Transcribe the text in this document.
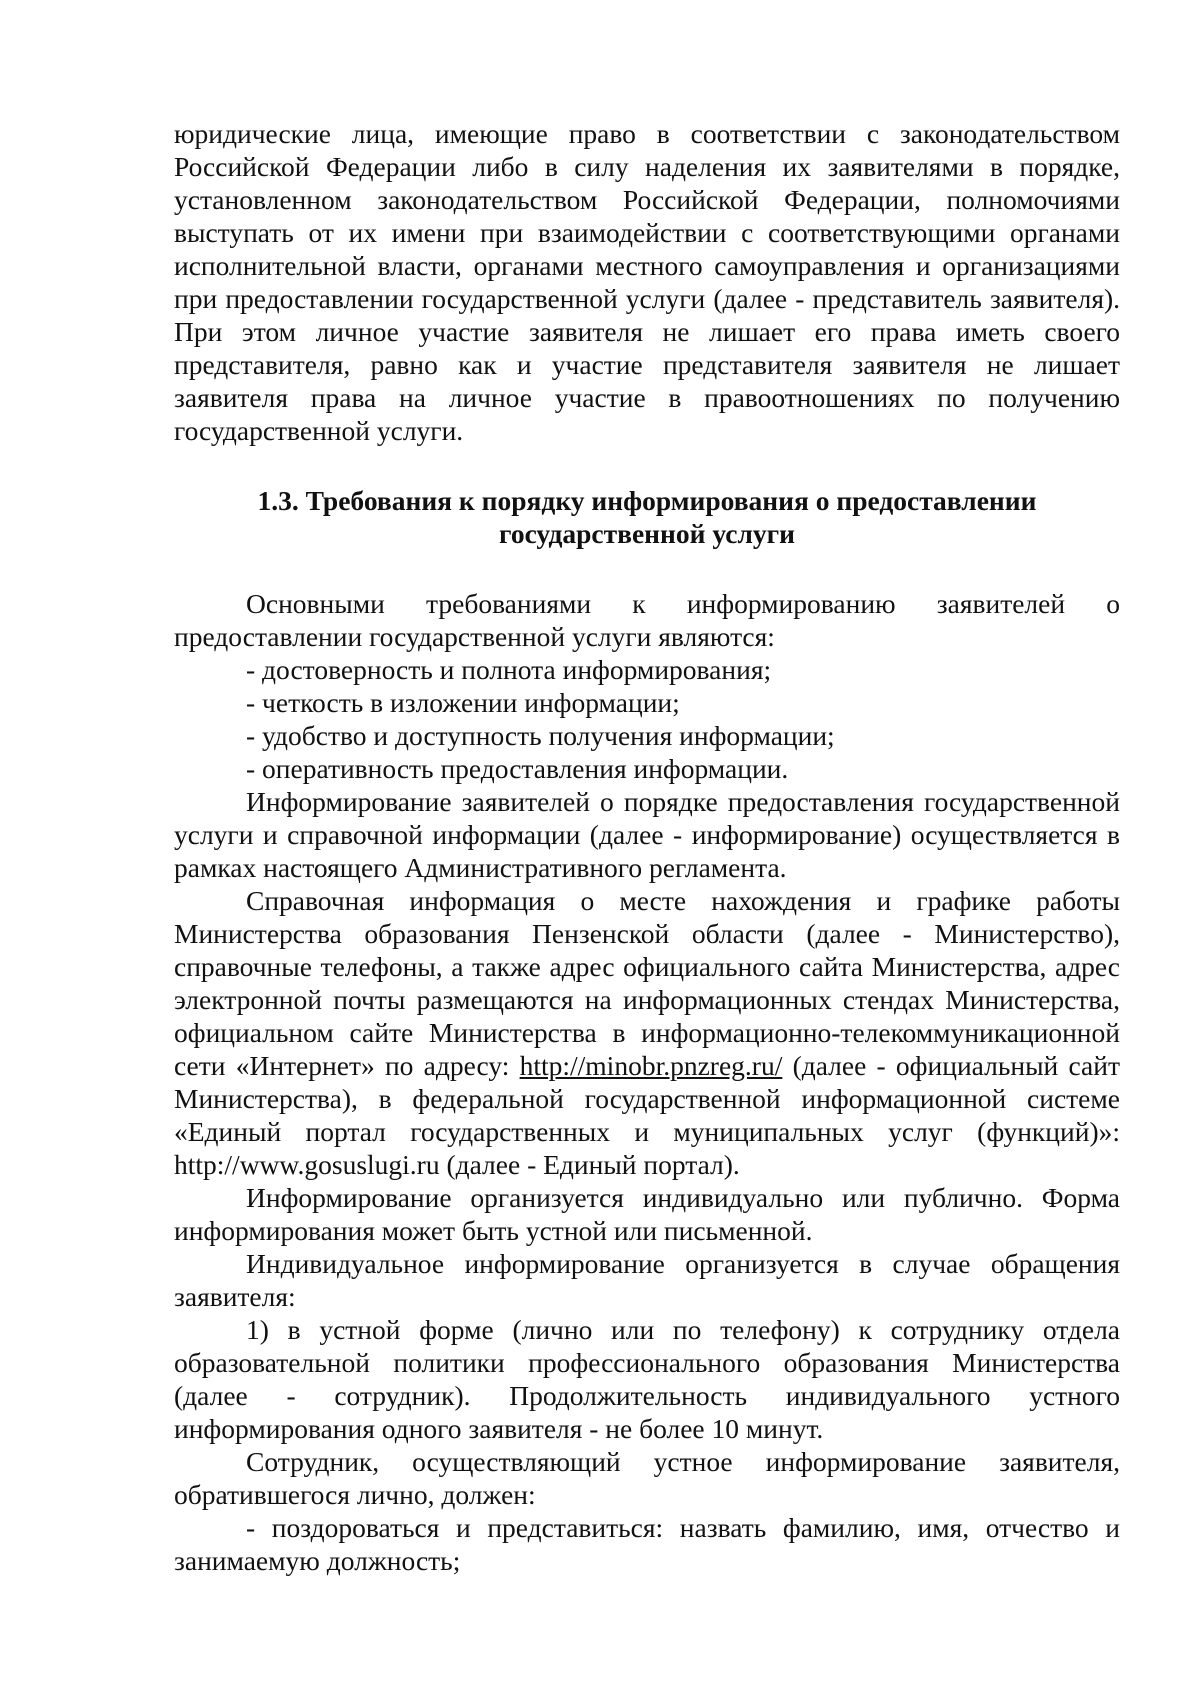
юридические лица, имеющие право в соответствии с законодательством Российской Федерации либо в силу наделения их заявителями в порядке, установленном законодательством Российской Федерации, полномочиями выступать от их имени при взаимодействии с соответствующими органами исполнительной власти, органами местного самоуправления и организациями при предоставлении государственной услуги (далее - представитель заявителя). При этом личное участие заявителя не лишает его права иметь своего представителя, равно как и участие представителя заявителя не лишает заявителя права на личное участие в правоотношениях по получению государственной услуги.

1.3. Требования к порядку информирования о предоставлении
государственной услуги

Основными требованиями к информированию заявителей о предоставлении государственной услуги являются:

- достоверность и полнота информирования;

- четкость в изложении информации;

- удобство и доступность получения информации;

- оперативность предоставления информации.

Информирование заявителей о порядке предоставления государственной услуги и справочной информации (далее - информирование) осуществляется в рамках настоящего Административного регламента.

Справочная информация о месте нахождения и графике работы Министерства образования Пензенской области (далее - Министерство), справочные телефоны, а также адрес официального сайта Министерства, адрес электронной почты размещаются на информационных стендах Министерства, официальном сайте Министерства в информационно-телекоммуникационной сети «Интернет» по адресу: http://minobr.pnzreg.ru/ (далее - официальный сайт Министерства), в федеральной государственной информационной системе «Единый портал государственных и муниципальных услуг (функций)»: http://www.gosuslugi.ru (далее - Единый портал).

Информирование организуется индивидуально или публично. Форма информирования может быть устной или письменной.

Индивидуальное информирование организуется в случае обращения заявителя:

1) в устной форме (лично или по телефону) к сотруднику отдела образовательной политики профессионального образования Министерства (далее - сотрудник). Продолжительность индивидуального устного информирования одного заявителя - не более 10 минут.

Сотрудник, осуществляющий устное информирование заявителя, обратившегося лично, должен:

- поздороваться и представиться: назвать фамилию, имя, отчество и занимаемую должность;
